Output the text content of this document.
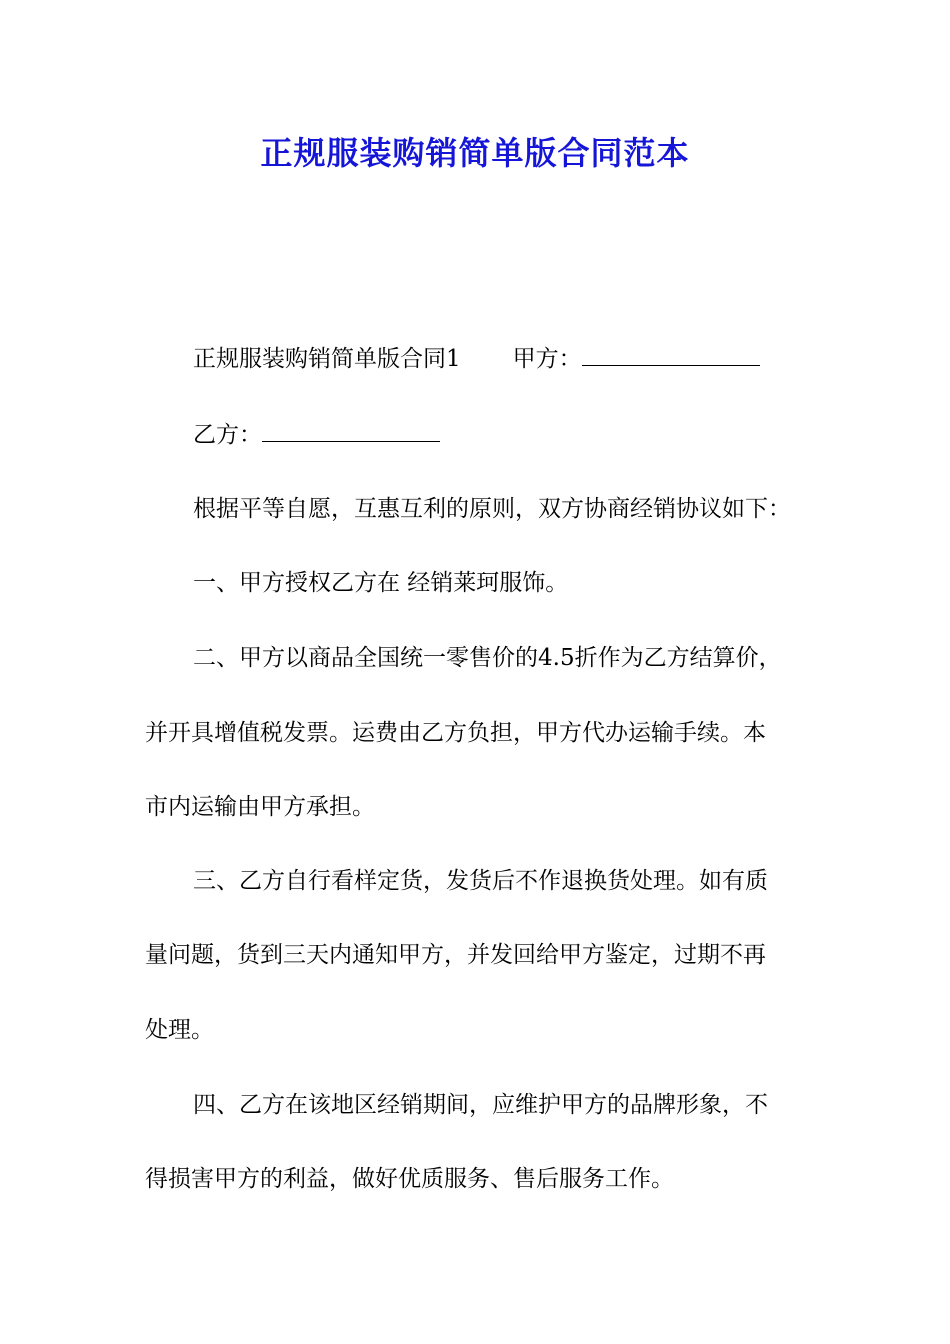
正规服装购销简单版合同范本
正规服装购销简单版合同1 甲方：
乙方：
根据平等自愿，互惠互利的原则，双方协商经销协议如下：
一、甲方授权乙方在 经销莱珂服饰。
二、甲方以商品全国统一零售价的4.5折作为乙方结算价，
并开具增值税发票。运费由乙方负担，甲方代办运输手续。本
市内运输由甲方承担。
三、乙方自行看样定货，发货后不作退换货处理。如有质
量问题，货到三天内通知甲方，并发回给甲方鉴定，过期不再
处理。
四、乙方在该地区经销期间，应维护甲方的品牌形象，不
得损害甲方的利益，做好优质服务、售后服务工作。
